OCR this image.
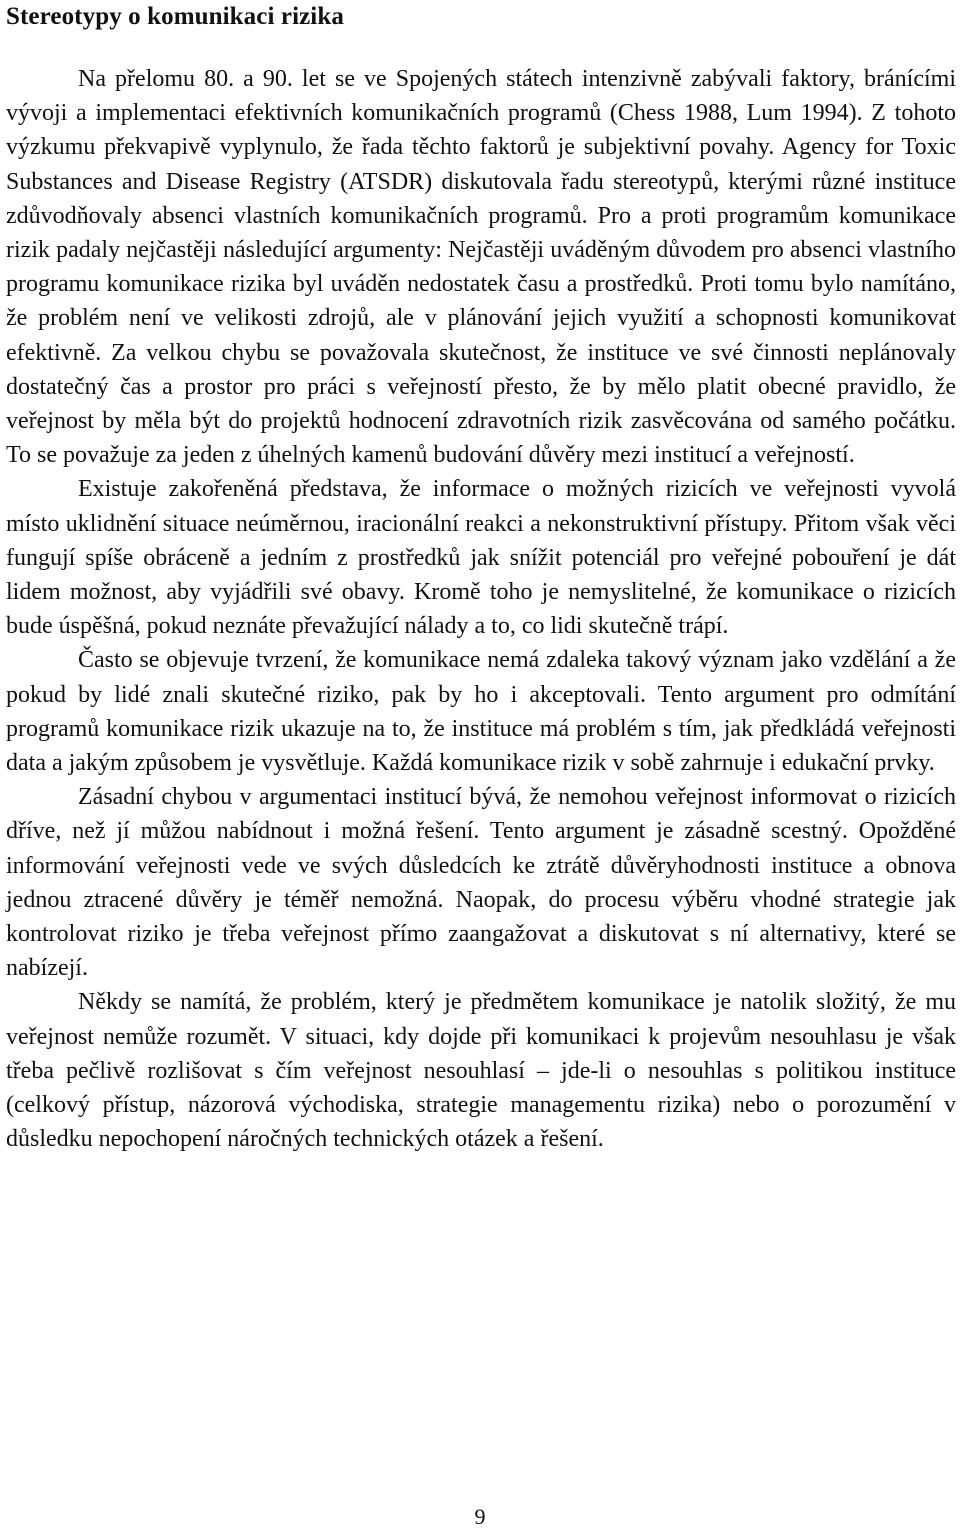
Stereotypy o komunikaci rizika

Na přelomu 80. a 90. let se ve Spojených státech intenzivně zabývali faktory, bránícími vývoji a implementaci efektivních komunikačních programů (Chess 1988, Lum 1994). Z tohoto výzkumu překvapivě vyplynulo, že řada těchto faktorů je subjektivní povahy. Agency for Toxic Substances and Disease Registry (ATSDR) diskutovala řadu stereotypů, kterými různé instituce zdůvodňovaly absenci vlastních komunikačních programů. Pro a proti programům komunikace rizik padaly nejčastěji následující argumenty: Nejčastěji uváděným důvodem pro absenci vlastního programu komunikace rizika byl uváděn nedostatek času a prostředků. Proti tomu bylo namítáno, že problém není ve velikosti zdrojů, ale v plánování jejich využití a schopnosti komunikovat efektivně. Za velkou chybu se považovala skutečnost, že instituce ve své činnosti neplánovaly dostatečný čas a prostor pro práci s veřejností přesto, že by mělo platit obecné pravidlo, že veřejnost by měla být do projektů hodnocení zdravotních rizik zasvěcována od samého počátku. To se považuje za jeden z úhelných kamenů budování důvěry mezi institucí a veřejností.

Existuje zakořeněná představa, že informace o možných rizicích ve veřejnosti vyvolá místo uklidnění situace neúměrnou, iracionální reakci a nekonstruktivní přístupy. Přitom však věci fungují spíše obráceně a jedním z prostředků jak snížit potenciál pro veřejné pobouření je dát lidem možnost, aby vyjádřili své obavy. Kromě toho je nemyslitelné, že komunikace o rizicích bude úspěšná, pokud neznáte převažující nálady a to, co lidi skutečně trápí.

Často se objevuje tvrzení, že komunikace nemá zdaleka takový význam jako vzdělání a že pokud by lidé znali skutečné riziko, pak by ho i akceptovali. Tento argument pro odmítání programů komunikace rizik ukazuje na to, že instituce má problém s tím, jak předkládá veřejnosti data a jakým způsobem je vysvětluje. Každá komunikace rizik v sobě zahrnuje i edukační prvky.

Zásadní chybou v argumentaci institucí bývá, že nemohou veřejnost informovat o rizicích dříve, než jí můžou nabídnout i možná řešení. Tento argument je zásadně scestný. Opožděné informování veřejnosti vede ve svých důsledcích ke ztrátě důvěryhodnosti instituce a obnova jednou ztracené důvěry je téměř nemožná. Naopak, do procesu výběru vhodné strategie jak kontrolovat riziko je třeba veřejnost přímo zaangažovat a diskutovat s ní alternativy, které se nabízejí.

Někdy se namítá, že problém, který je předmětem komunikace je natolik složitý, že mu veřejnost nemůže rozumět. V situaci, kdy dojde při komunikaci k projevům nesouhlasu je však třeba pečlivě rozlišovat s čím veřejnost nesouhlasí – jde-li o nesouhlas s politikou instituce (celkový přístup, názorová východiska, strategie managementu rizika) nebo o porozumění v důsledku nepochopení náročných technických otázek a řešení.

9
